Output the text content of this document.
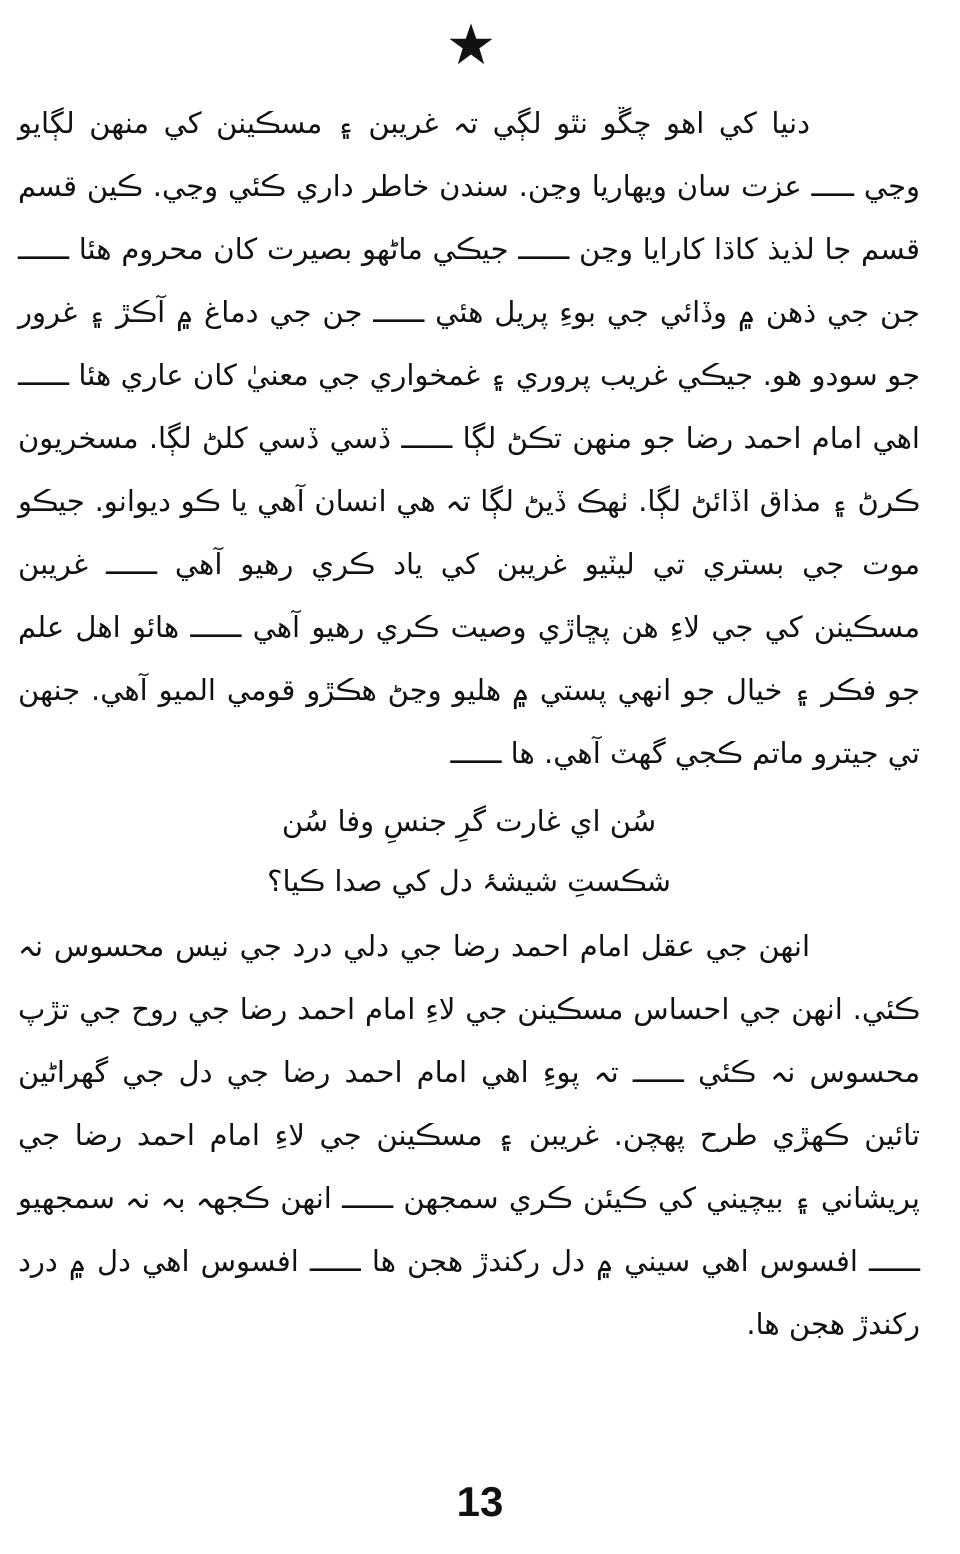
دنيا کي اهو چڱو نٿو لڳي تہ غريبن ۽ مسڪينن کي منهن لڳايو وڃي ـــــ عزت سان ويهاريا وڃن. سندن خاطر داري ڪئي وڃي. ڪين قسم قسم جا لذيذ کاڌا کارايا وڃن ــــــ جيڪي ماڻهو بصيرت کان محروم هئا ــــــ جن جي ذهن ۾ وڏائي جي بوءِ پريل هئي ــــــ جن جي دماغ ۾ آڪڙ ۽ غرور جو سودو هو. جيڪي غريب پروري ۽ غمخواري جي معنيٰ کان عاري هئا ــــــ اهي امام احمد رضا جو منهن تڪڻ لڳا ــــــ ڏسي ڏسي کلڻ لڳا. مسخريون ڪرڻ ۽ مذاق اڏائڻ لڳا. ٺهڪ ڏيڻ لڳا تہ هي انسان آهي يا ڪو ديوانو. جيڪو موت جي بستري تي ليٽيو غريبن کي ياد ڪري رهيو آهي ــــــ غريبن مسڪينن کي جي لاءِ هن پڇاڙي وصيت ڪري رهيو آهي ــــــ هائو اهل علم جو فڪر ۽ خيال جو انهي پستي ۾ هليو وڃڻ هڪڙو قومي الميو آهي. جنهن تي جيترو ماتم ڪجي گهٽ آهي. ها ــــــ

سُن اي غارت گرِ جنسِ وفا سُن
شڪستِ شيشۂ دل کي صدا ڪيا؟

انهن جي عقل امام احمد رضا جي دلي درد جي نيس محسوس نہ ڪئي. انهن جي احساس مسڪينن جي لاءِ امام احمد رضا جي روح جي تڙپ محسوس نہ ڪئي ــــــ تہ پوءِ اهي امام احمد رضا جي دل جي گهراڻين تائين ڪهڙي طرح پهچن. غريبن ۽ مسڪينن جي لاءِ امام احمد رضا جي پريشاني ۽ بيچيني کي ڪيئن ڪري سمجهن ــــــ انهن ڪجهہ بہ نہ سمجهيو ــــــ افسوس اهي سيني ۾ دل رکندڙ هجن ها ــــــ افسوس اهي دل ۾ درد رکندڙ هجن ها.

13
